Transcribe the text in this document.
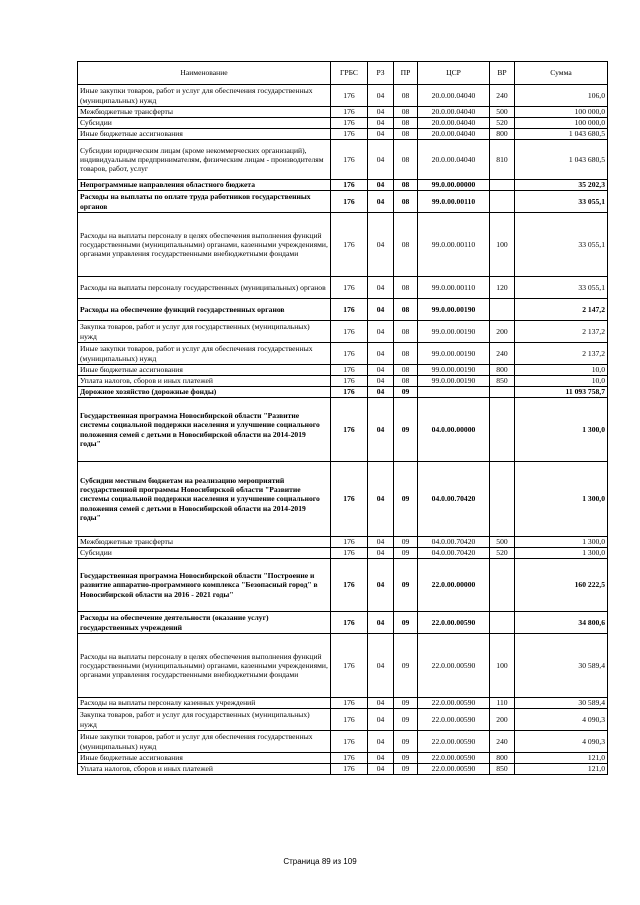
Наименование	ГРБС	РЗ	ПР	ЦСР	ВР	Сумма
Иные закупки товаров, работ и услуг для обеспечения государственных (муниципальных) нужд	176	04	08	20.0.00.04040	240	106,0
Межбюджетные трансферты	176	04	08	20.0.00.04040	500	100 000,0
Субсидии	176	04	08	20.0.00.04040	520	100 000,0
Иные бюджетные ассигнования	176	04	08	20.0.00.04040	800	1 043 680,5
Субсидии юридическим лицам (кроме некоммерческих организаций), индивидуальным предпринимателям, физическим лицам - производителям товаров, работ, услуг	176	04	08	20.0.00.04040	810	1 043 680,5
Непрограммные направления областного бюджета	176	04	08	99.0.00.00000		35 202,3
Расходы на выплаты по оплате труда работников государственных органов	176	04	08	99.0.00.00110		33 055,1
Расходы на выплаты персоналу в целях обеспечения выполнения функций государственными (муниципальными) органами, казенными учреждениями, органами управления государственными внебюджетными фондами	176	04	08	99.0.00.00110	100	33 055,1
Расходы на выплаты персоналу государственных (муниципальных) органов	176	04	08	99.0.00.00110	120	33 055,1
Расходы на обеспечение функций государственных органов	176	04	08	99.0.00.00190		2 147,2
Закупка товаров, работ и услуг для государственных (муниципальных) нужд	176	04	08	99.0.00.00190	200	2 137,2
Иные закупки товаров, работ и услуг для обеспечения государственных (муниципальных) нужд	176	04	08	99.0.00.00190	240	2 137,2
Иные бюджетные ассигнования	176	04	08	99.0.00.00190	800	10,0
Уплата налогов, сборов и иных платежей	176	04	08	99.0.00.00190	850	10,0
Дорожное хозяйство (дорожные фонды)	176	04	09			11 093 758,7
Государственная программа Новосибирской области "Развитие системы социальной поддержки населения и улучшение социального положения семей с детьми в Новосибирской области на 2014-2019 годы"	176	04	09	04.0.00.00000		1 300,0
Субсидии местным бюджетам на реализацию мероприятий государственной программы Новосибирской области "Развитие системы социальной поддержки населения и улучшение социального положения семей с детьми в Новосибирской области на 2014-2019 годы"	176	04	09	04.0.00.70420		1 300,0
Межбюджетные трансферты	176	04	09	04.0.00.70420	500	1 300,0
Субсидии	176	04	09	04.0.00.70420	520	1 300,0
Государственная программа Новосибирской области "Построение и развитие аппаратно-программного комплекса "Безопасный город" в Новосибирской области на 2016 - 2021 годы"	176	04	09	22.0.00.00000		160 222,5
Расходы на обеспечение деятельности (оказание услуг) государственных учреждений	176	04	09	22.0.00.00590		34 800,6
Расходы на выплаты персоналу в целях обеспечения выполнения функций государственными (муниципальными) органами, казенными учреждениями, органами управления государственными внебюджетными фондами	176	04	09	22.0.00.00590	100	30 589,4
Расходы на выплаты персоналу казенных учреждений	176	04	09	22.0.00.00590	110	30 589,4
Закупка товаров, работ и услуг для государственных (муниципальных) нужд	176	04	09	22.0.00.00590	200	4 090,3
Иные закупки товаров, работ и услуг для обеспечения государственных (муниципальных) нужд	176	04	09	22.0.00.00590	240	4 090,3
Иные бюджетные ассигнования	176	04	09	22.0.00.00590	800	121,0
Уплата налогов, сборов и иных платежей	176	04	09	22.0.00.00590	850	121,0
Страница 89 из 109
